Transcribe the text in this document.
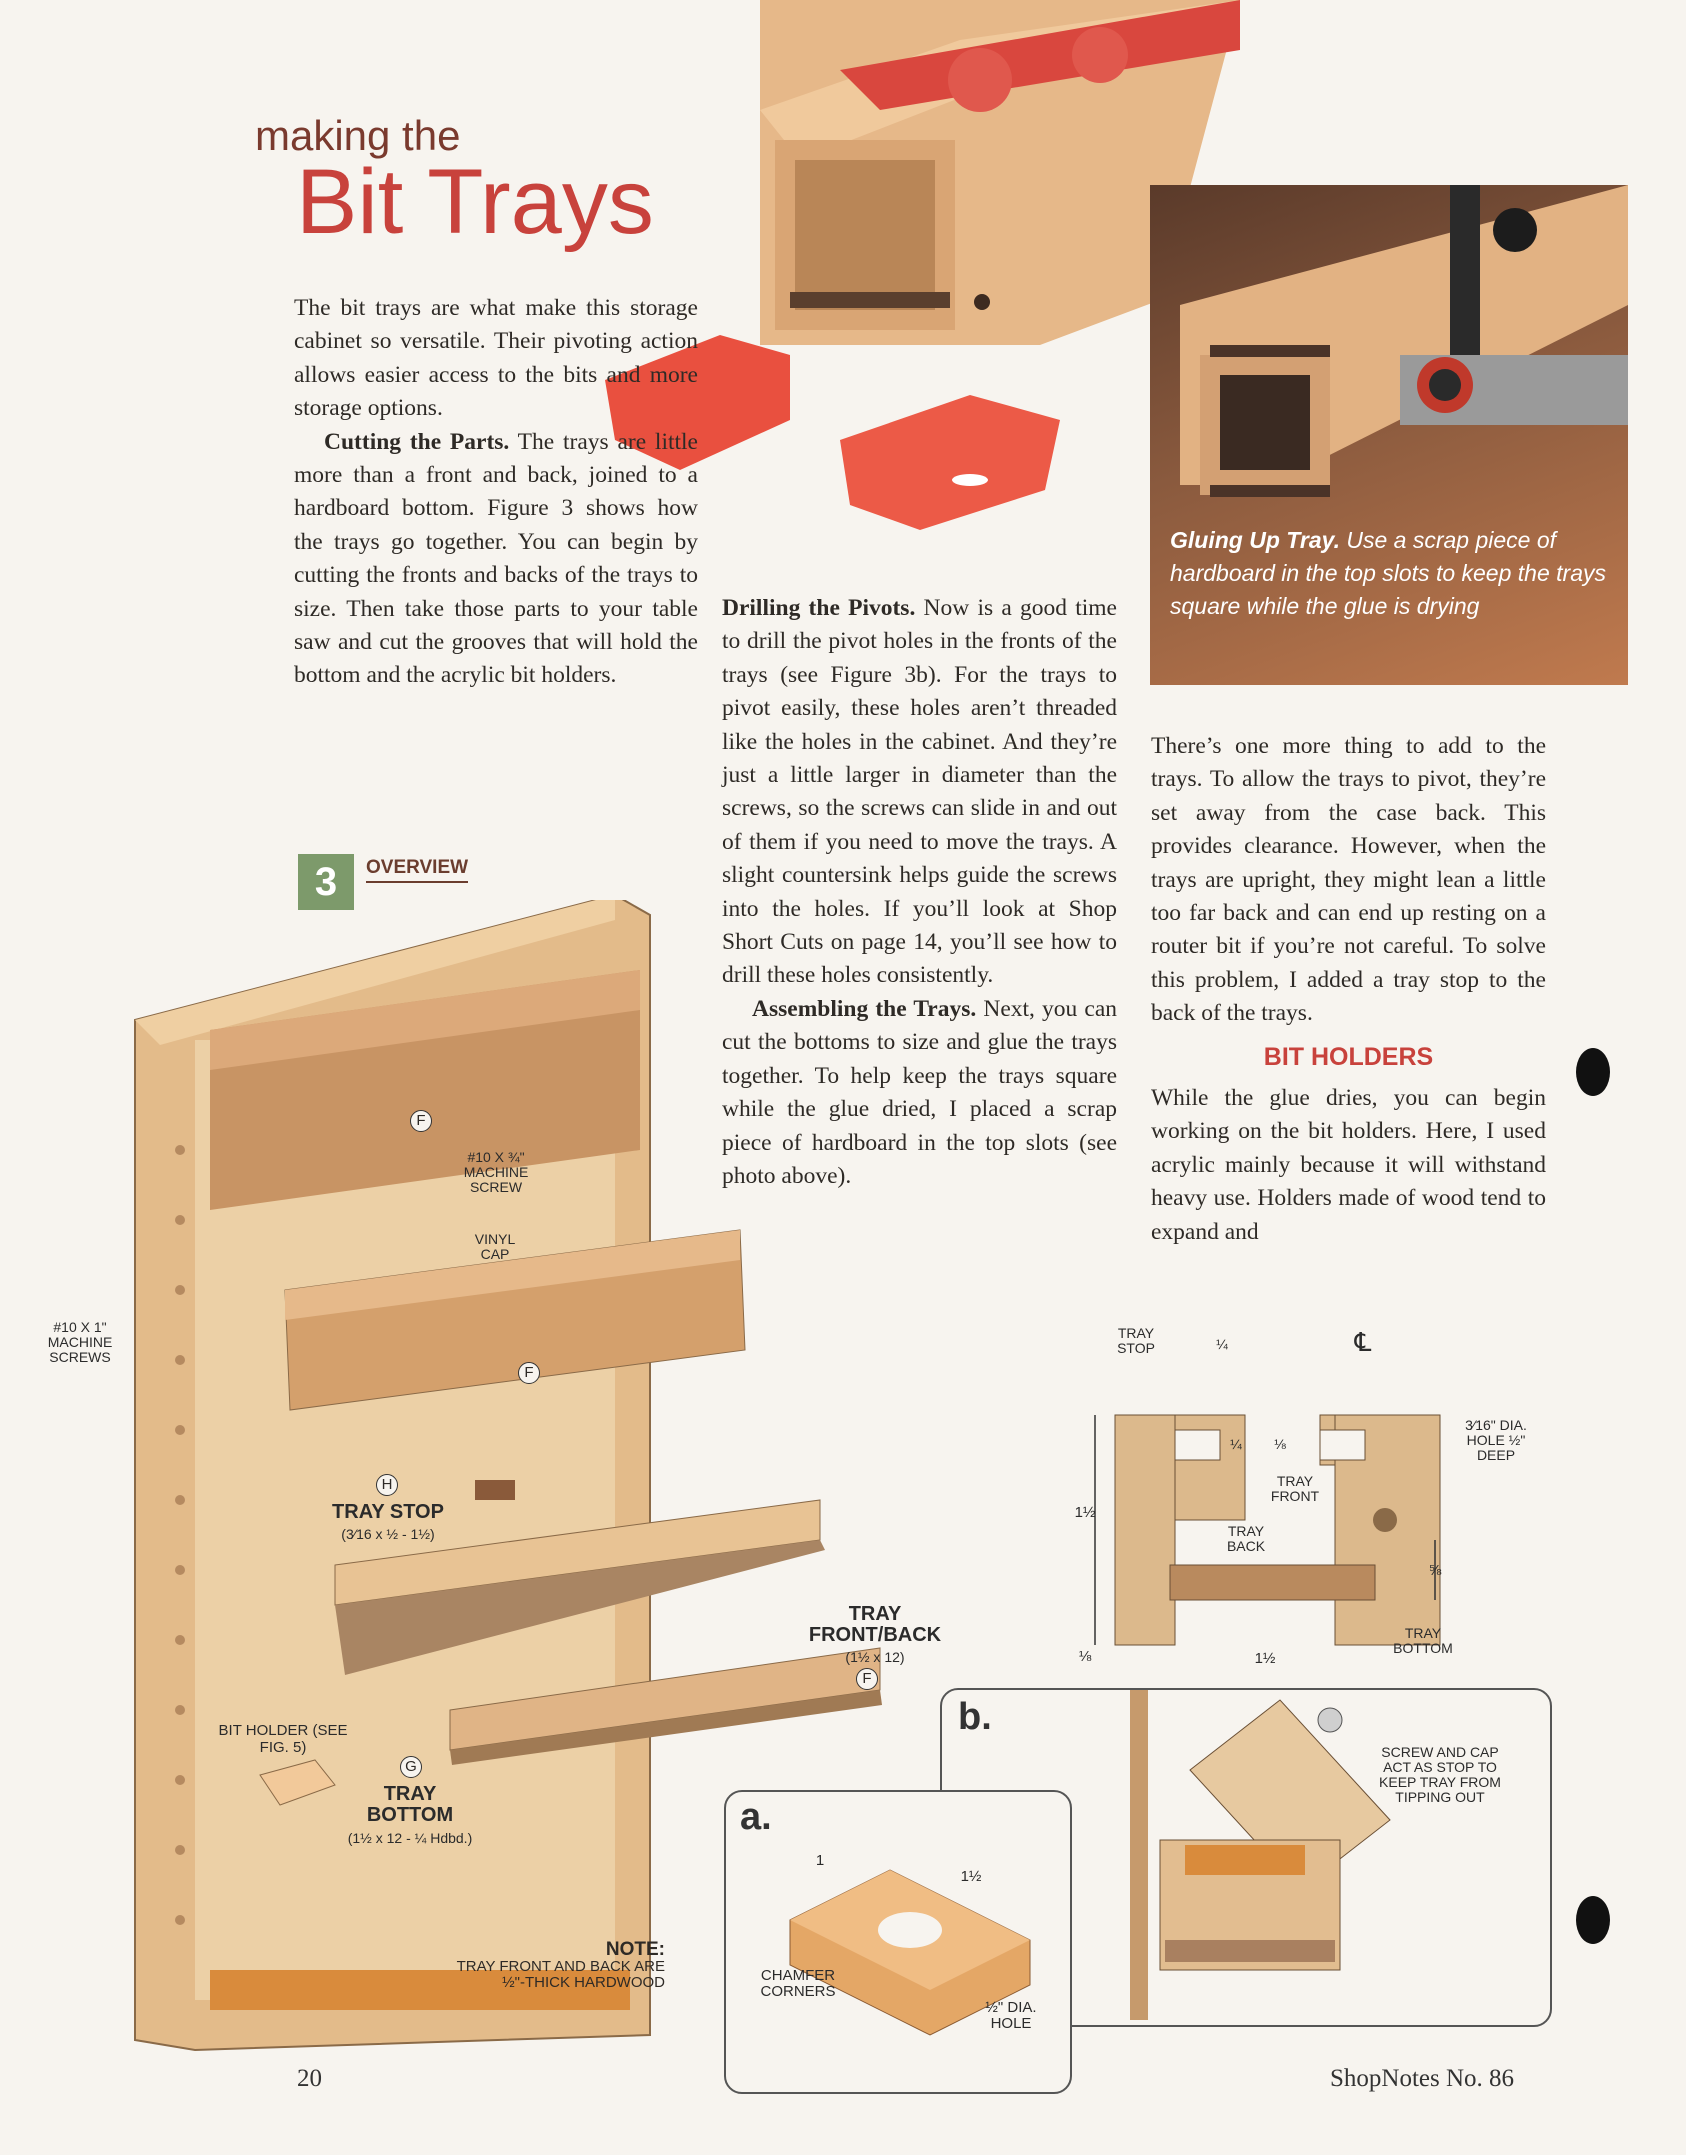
making the
Bit Trays
Gluing Up Tray. Use a scrap piece of hardboard in the top slots to keep the trays square while the glue is drying

The bit trays are what make this storage cabinet so versatile. Their pivoting action allows easier access to the bits and more storage options.

Cutting the Parts. The trays are little more than a front and back, joined to a hardboard bottom. Figure 3 shows how the trays go together. You can begin by cutting the fronts and backs of the trays to size. Then take those parts to your table saw and cut the grooves that will hold the bottom and the acrylic bit holders.

Drilling the Pivots. Now is a good time to drill the pivot holes in the fronts of the trays (see Figure 3b). For the trays to pivot easily, these holes aren’t threaded like the holes in the cabinet. And they’re just a little larger in diameter than the screws, so the screws can slide in and out of them if you need to move the trays. A slight countersink helps guide the screws into the holes. If you’ll look at Shop Short Cuts on page 14, you’ll see how to drill these holes consistently.

Assembling the Trays. Next, you can cut the bottoms to size and glue the trays together. To help keep the trays square while the glue dried, I placed a scrap piece of hardboard in the top slots (see photo above).

There’s one more thing to add to the trays. To allow the trays to pivot, they’re set away from the case back. This provides clearance. However, when the trays are upright, they might lean a little too far back and can end up resting on a router bit if you’re not careful. To solve this problem, I added a tray stop to the back of the trays.

BIT HOLDERS

While the glue dries, you can begin working on the bit holders. Here, I used acrylic mainly because it will withstand heavy use. Holders made of wood tend to expand and

3	OVERVIEW
F
#10 X ¾" MACHINE SCREW
VINYL CAP
#10 X 1" MACHINE SCREWS
F
H
TRAY STOP
(3⁄16 x ½ - 1½)
TRAY FRONT/BACK
(1½ x 12)
F
BIT HOLDER (SEE FIG. 5)
G
TRAY BOTTOM
(1½ x 12 - ¼ Hdbd.)
NOTE:
TRAY FRONT AND BACK ARE ½"-THICK HARDWOOD
TRAY STOP	¼	℄
¼ ⅛
3⁄16" DIA. HOLE ½" DEEP
TRAY FRONT
TRAY BACK
1½
⅝
⅛	1½
TRAY BOTTOM
b.
SCREW AND CAP ACT AS STOP TO KEEP TRAY FROM TIPPING OUT
a.
1
1½
CHAMFER CORNERS
½" DIA. HOLE
20	ShopNotes No. 86
